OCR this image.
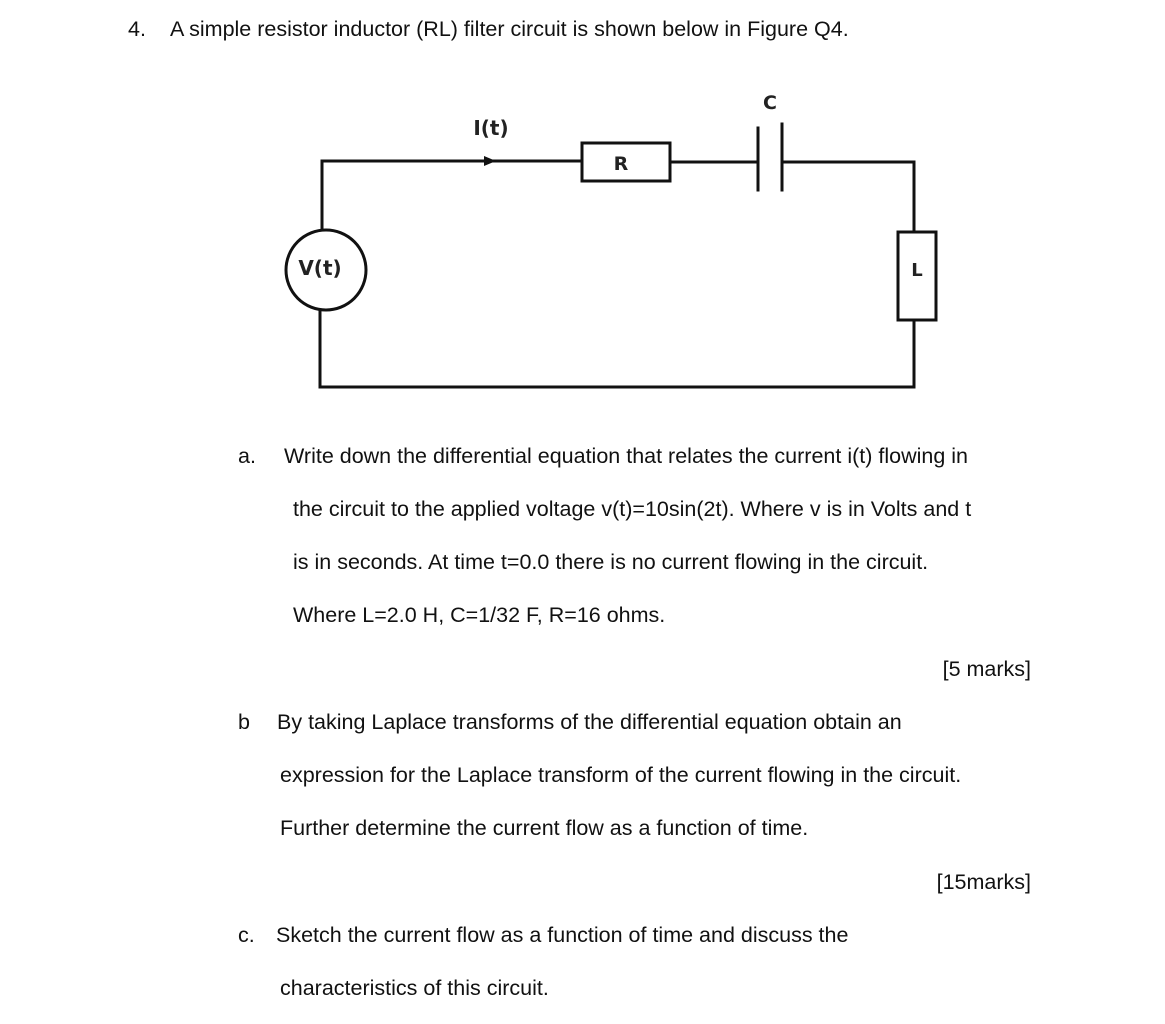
4. A simple resistor inductor (RL) filter circuit is shown below in Figure Q4.

V(t)
I(t)
R
C
L

a. Write down the differential equation that relates the current i(t) flowing in

the circuit to the applied voltage v(t)=10sin(2t). Where v is in Volts and t

is in seconds. At time t=0.0 there is no current flowing in the circuit.

Where L=2.0 H, C=1/32 F, R=16 ohms.

[5 marks]

b By taking Laplace transforms of the differential equation obtain an

expression for the Laplace transform of the current flowing in the circuit.

Further determine the current flow as a function of time.

[15marks]

c. Sketch the current flow as a function of time and discuss the

characteristics of this circuit.
